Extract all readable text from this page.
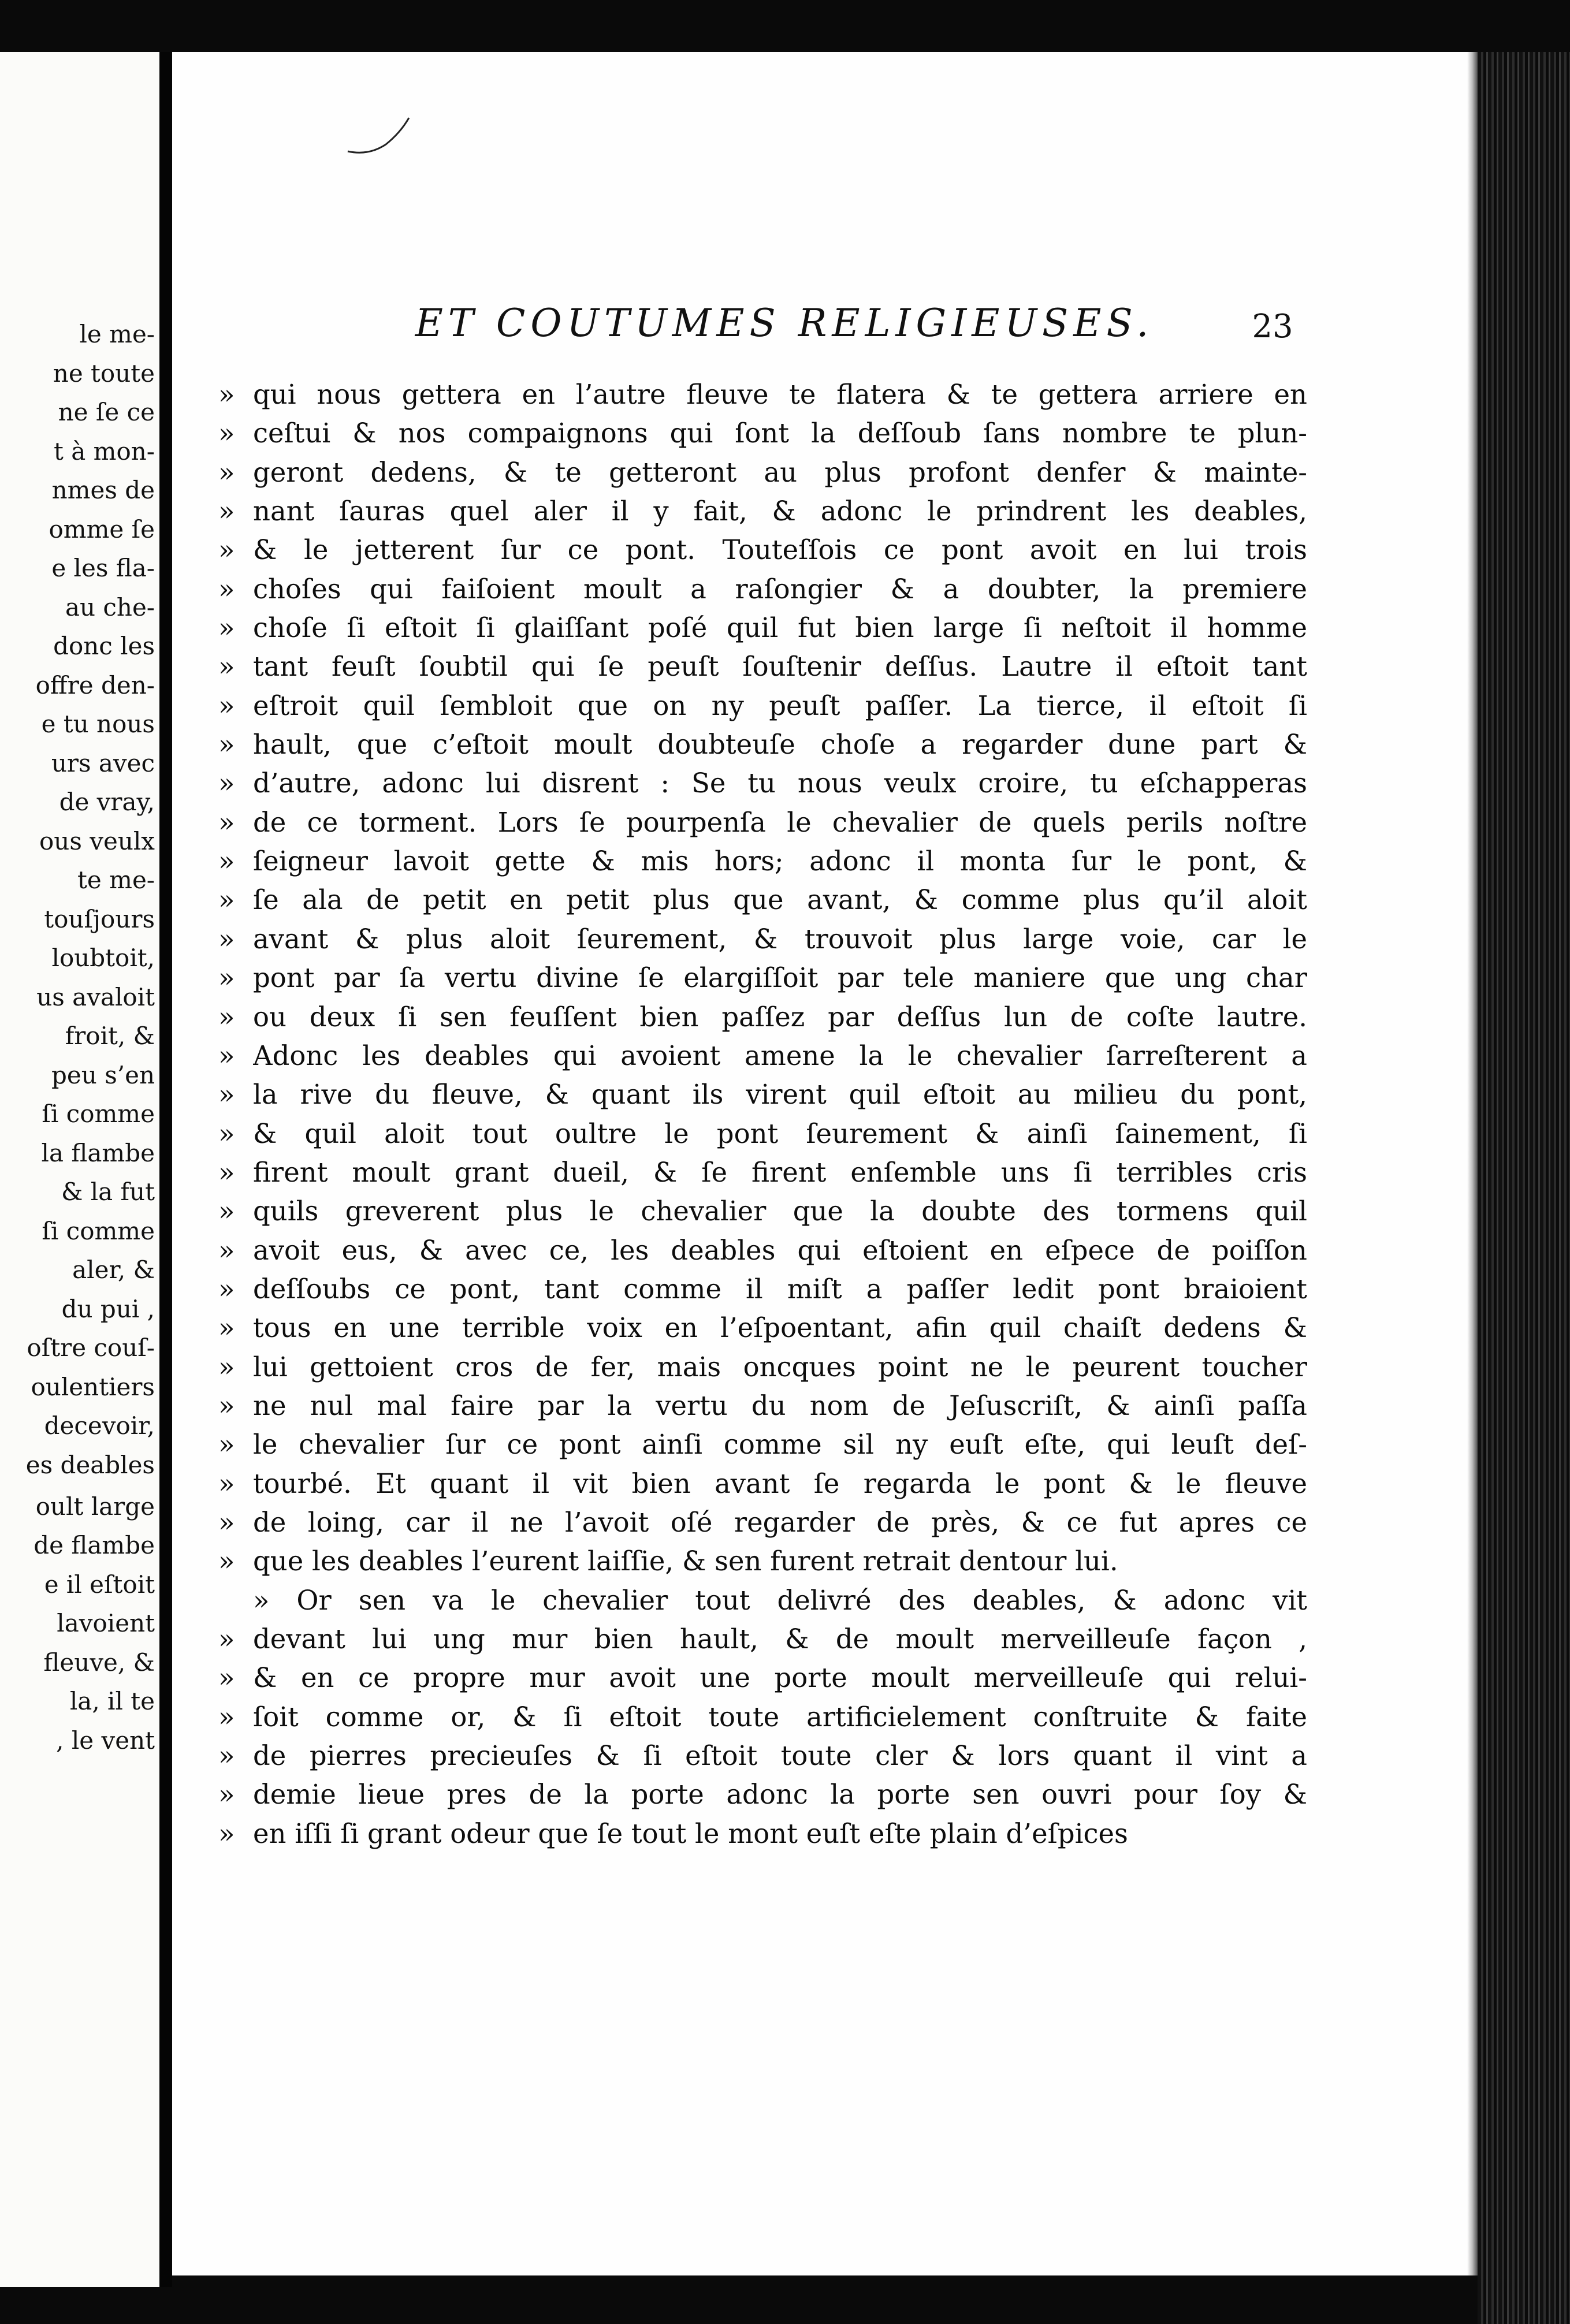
le me-
ne toute
ne ſe ce
t à mon-
nmes de
omme ſe
e les fla-
au che-
donc les
offre den-
e tu nous
urs avec
de vray,
ous veulx
te me-
touſjours
loubtoit,
us avaloit
froit, &
peu s’en
ſi comme
la flambe
& la fut
ſi comme
aler, &
du pui ,
oſtre couſ-
oulentiers
decevoir,
es deables
oult large
de flambe
e il eſtoit
lavoient
fleuve, &
la, il te
, le vent
ET COUTUMES RELIGIEUSES.	23
» qui nous gettera en l’autre fleuve te flatera & te gettera arriere en
» ceſtui & nos compaignons qui ſont la deſſoub ſans nombre te plun-
» geront dedens, & te getteront au plus profont denfer & mainte-
» nant ſauras quel aler il y fait, & adonc le prindrent les deables,
» & le jetterent ſur ce pont. Touteſſois ce pont avoit en lui trois
» choſes qui faiſoient moult a raſongier & a doubter, la premiere
» choſe ſi eſtoit ſi glaiſſant poſé quil fut bien large ſi neſtoit il homme
» tant feuſt ſoubtil qui ſe peuſt ſouſtenir deſſus. Lautre il eſtoit tant
» eſtroit quil ſembloit que on ny peuſt paſſer. La tierce, il eſtoit ſi
» hault, que c’eſtoit moult doubteuſe choſe a regarder dune part &
» d’autre, adonc lui disrent : Se tu nous veulx croire, tu eſchapperas
» de ce torment. Lors ſe pourpenſa le chevalier de quels perils noſtre
» ſeigneur lavoit gette & mis hors; adonc il monta ſur le pont, &
» ſe ala de petit en petit plus que avant, & comme plus qu’il aloit
» avant & plus aloit ſeurement, & trouvoit plus large voie, car le
» pont par ſa vertu divine ſe elargiſſoit par tele maniere que ung char
» ou deux ſi sen feuſſent bien paſſez par deſſus lun de coſte lautre.
» Adonc les deables qui avoient amene la le chevalier ſarreſterent a
» la rive du fleuve, & quant ils virent quil eſtoit au milieu du pont,
» & quil aloit tout oultre le pont ſeurement & ainſi ſainement, ſi
» firent moult grant dueil, & ſe firent enſemble uns ſi terribles cris
» quils greverent plus le chevalier que la doubte des tormens quil
» avoit eus, & avec ce, les deables qui eſtoient en eſpece de poiſſon
» deſſoubs ce pont, tant comme il miſt a paſſer ledit pont braioient
» tous en une terrible voix en l’eſpoentant, afin quil chaiſt dedens &
» lui gettoient cros de fer, mais oncques point ne le peurent toucher
» ne nul mal faire par la vertu du nom de Jeſuscriſt, & ainſi paſſa
» le chevalier ſur ce pont ainſi comme sil ny euſt eſte, qui leuſt deſ-
» tourbé. Et quant il vit bien avant ſe regarda le pont & le fleuve
» de loing, car il ne l’avoit oſé regarder de près, & ce fut apres ce
» que les deables l’eurent laiſſie, & sen furent retrait dentour lui.
» Or sen va le chevalier tout delivré des deables, & adonc vit
» devant lui ung mur bien hault, & de moult merveilleuſe façon ,
» & en ce propre mur avoit une porte moult merveilleuſe qui relui-
» ſoit comme or, & ſi eſtoit toute artificielement conſtruite & faite
» de pierres precieuſes & ſi eſtoit toute cler & lors quant il vint a
» demie lieue pres de la porte adonc la porte sen ouvri pour ſoy &
» en iſſi ſi grant odeur que ſe tout le mont euſt eſte plain d’eſpices
